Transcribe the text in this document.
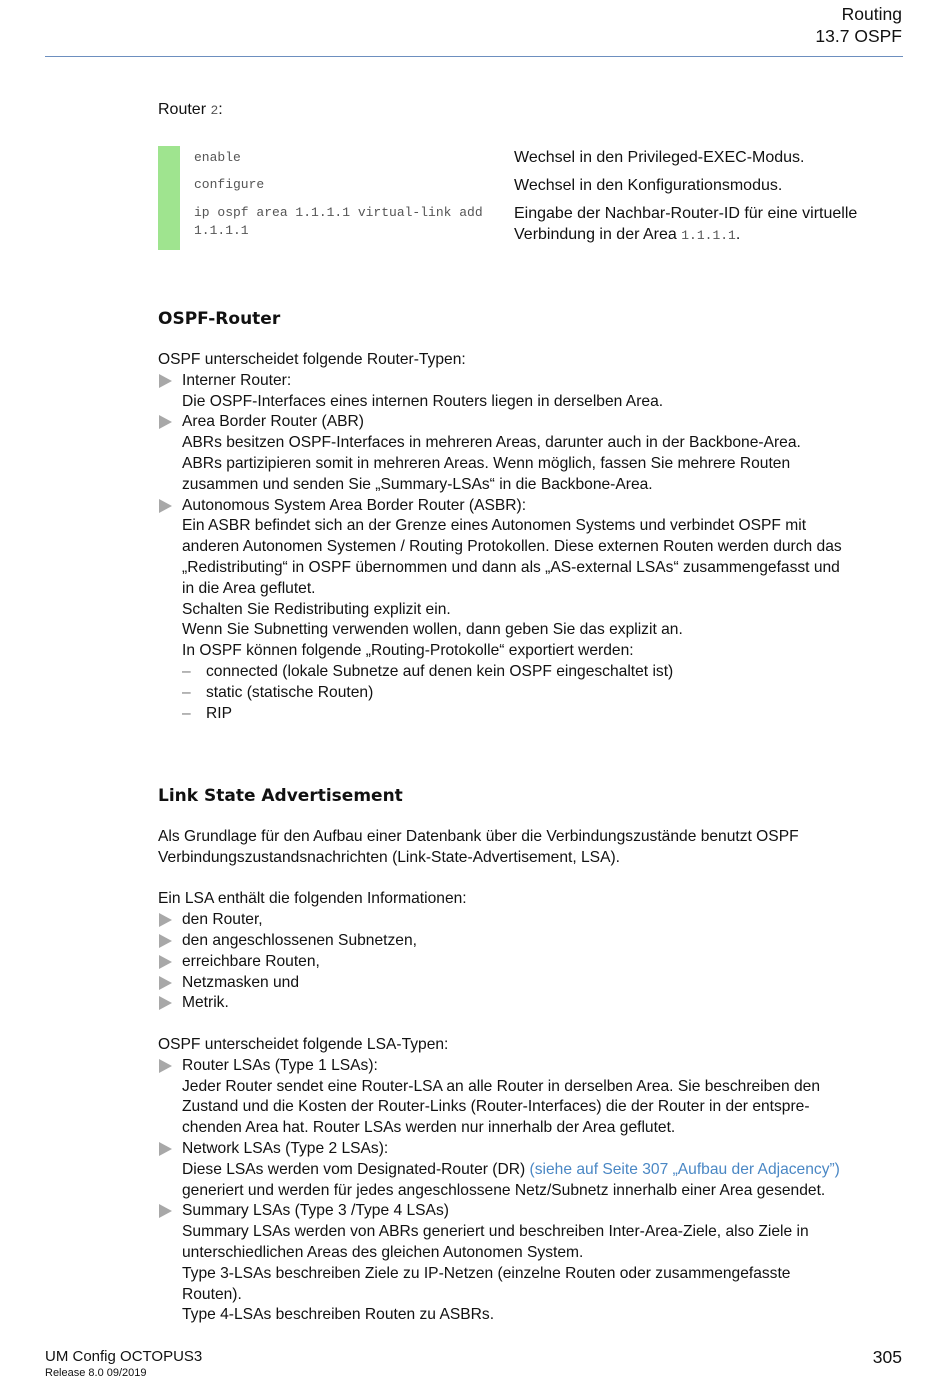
Routing
13.7 OSPF
Router 2:
enable	Wechsel in den Privileged-EXEC-Modus.
configure	Wechsel in den Konfigurationsmodus.
ip ospf area 1.1.1.1 virtual-link add
1.1.1.1
Eingabe der Nachbar-Router-ID für eine virtuelle
Verbindung in der Area 1.1.1.1.
OSPF-Router

OSPF unterscheidet folgende Router-Typen:

Interner Router:
Die OSPF-Interfaces eines internen Routers liegen in derselben Area.
Area Border Router (ABR)
ABRs besitzen OSPF-Interfaces in mehreren Areas, darunter auch in der Backbone-Area.
ABRs partizipieren somit in mehreren Areas. Wenn möglich, fassen Sie mehrere Routen
zusammen und senden Sie „Summary-LSAs“ in die Backbone-Area.
Autonomous System Area Border Router (ASBR):
Ein ASBR befindet sich an der Grenze eines Autonomen Systems und verbindet OSPF mit
anderen Autonomen Systemen / Routing Protokollen. Diese externen Routen werden durch das
„Redistributing“ in OSPF übernommen und dann als „AS-external LSAs“ zusammengefasst und
in die Area geflutet.
Schalten Sie Redistributing explizit ein.
Wenn Sie Subnetting verwenden wollen, dann geben Sie das explizit an.
In OSPF können folgende „Routing-Protokolle“ exportiert werden:
– connected (lokale Subnetze auf denen kein OSPF eingeschaltet ist)
– static (statische Routen)
– RIP
Link State Advertisement

Als Grundlage für den Aufbau einer Datenbank über die Verbindungszustände benutzt OSPF

Verbindungszustandsnachrichten (Link-State-Advertisement, LSA).

Ein LSA enthält die folgenden Informationen:

den Router,
den angeschlossenen Subnetzen,
erreichbare Routen,
Netzmasken und
Metrik.

OSPF unterscheidet folgende LSA-Typen:

Router LSAs (Type 1 LSAs):
Jeder Router sendet eine Router-LSA an alle Router in derselben Area. Sie beschreiben den
Zustand und die Kosten der Router-Links (Router-Interfaces) die der Router in der entspre-
chenden Area hat. Router LSAs werden nur innerhalb der Area geflutet.
Network LSAs (Type 2 LSAs):
Diese LSAs werden vom Designated-Router (DR) (siehe auf Seite 307 „Aufbau der Adjacency”)
generiert und werden für jedes angeschlossene Netz/Subnetz innerhalb einer Area gesendet.
Summary LSAs (Type 3 /Type 4 LSAs)
Summary LSAs werden von ABRs generiert und beschreiben Inter-Area-Ziele, also Ziele in
unterschiedlichen Areas des gleichen Autonomen System.
Type 3-LSAs beschreiben Ziele zu IP-Netzen (einzelne Routen oder zusammengefasste
Routen).
Type 4-LSAs beschreiben Routen zu ASBRs.
UM Config OCTOPUS3
Release 8.0 09/2019
305
